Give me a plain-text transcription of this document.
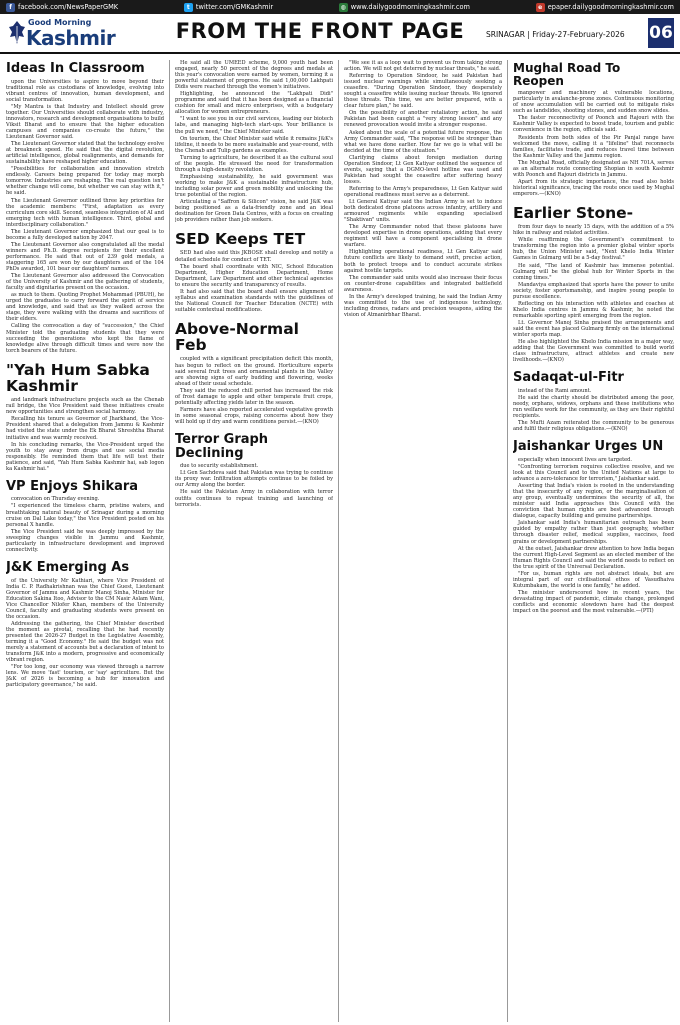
f facebook.com/NewsPaperGMK	t twitter.com/GMKashmir	◍ www.dailygoodmorningkashmir.com	e epaper.dailygoodmorningkashmir.com
Good Morning
Kashmir	FROM THE FRONT PAGE	SRINAGAR | Friday-27-February-2026 06
Ideas In Classroom

upon the Universities to aspire to move beyond their traditional role as custodians of knowledge, evolving into vibrant centres of innovation, human development, and social transformation.

"My Mantra is that Industry and Intellect should grow together. Our Universities should collaborate with industry, innovators, research and development organisations to build Viksit Bharat and to ensure that the higher education campuses and companies co-create the future," the Lieutenant Governor said.

The Lieutenant Governor stated that the technology evolve at breakneck speed. He said that the digital revolution, artificial intelligence, global realignments, and demands for sustainability have reshaped higher education.

"Possibilities for collaboration and innovation stretch endlessly. Careers being prepared for today may morph tomorrow. Industries are reshaping. The real question isn't whether change will come, but whether we can stay with it," he said.

The Lieutenant Governor outlined three key priorities for the academic members: "First, adaptation as every curriculum core skill. Second, seamless integration of AI and emerging tech with human intelligence. Third, global and interdisciplinary collaboration."

The Lieutenant Governor emphasized that our goal is to become a fully developed nation by 2047.

The Lieutenant Governor also congratulated all the medal winners and Ph.D. degree recipients for their excellent performance. He said that out of 239 gold medals, a staggering 165 are won by our daughters and of the 104 PhDs awarded, 101 bear our daughters' names.

The Lieutenant Governor also addressed the Convocation of the University of Kashmir and the gathering of students, faculty and dignitaries present on the occasion.

as much to them. Quoting Prophet Mohammad (PBUH), he urged the graduates to carry forward the spirit of service and knowledge, and said that as they walked across the stage, they were walking with the dreams and sacrifices of their elders.

Calling the convocation a day of "succession," the Chief Minister told the graduating students that they were succeeding the generations who kept the flame of knowledge alive through difficult times and were now the torch bearers of the future.

"Yah Hum Sabka Kashmir

and landmark infrastructure projects such as the Chenab rail bridge, the Vice President said these initiatives create new opportunities and strengthen social harmony.

Recalling his tenure as Governor of Jharkhand, the Vice-President shared that a delegation from Jammu & Kashmir had visited the state under the Ek Bharat Shreshtha Bharat initiative and was warmly received.

In his concluding remarks, the Vice-President urged the youth to stay away from drugs and use social media responsibly. He reminded them that life will test their patience, and said, "Yah Hum Sabka Kashmir hai, sab logon ka Kashmir hai."

VP Enjoys Shikara

convocation on Thursday evening.

"I experienced the timeless charm, pristine waters, and breathtaking natural beauty of Srinagar during a morning cruise on Dal Lake today," the Vice President posted on his personal X handle.

The Vice President said he was deeply impressed by the sweeping changes visible in Jammu and Kashmir, particularly in infrastructure development and improved connectivity.

J&K Emerging As

of the University Mr Kathiari, where Vice President of India C. P. Radhakrishnan was the Chief Guest, Lieutenant Governor of Jammu and Kashmir Manoj Sinha, Minister for Education Sakina Itoo, Advisor to the CM Nasir Aslam Wani, Vice Chancellor Nilofer Khan, members of the University Council, faculty and graduating students were present on the occasion.

Addressing the gathering, the Chief Minister described the moment as pivotal, recalling that he had recently presented the 2026-27 Budget in the Legislative Assembly, terming it a "Good Economy." He said the budget was not merely a statement of accounts but a declaration of intent to transform J&K into a modern, progressive and economically vibrant region.

"For too long, our economy was viewed through a narrow lens. We move 'fast' tourism, or 'say' agriculture. But the J&K of 2026 is becoming a hub for innovation and participatory governance," he said.

He said all the UMEED scheme, 9,000 youth had been engaged, nearly 50 percent of the degrees and medals at this year's convocation were earned by women, terming it a powerful statement of progress. He said 1,00,000 Lakhpati Didis were reached through the women's initiatives.

Highlighting, he announced the "Lakhpati Didi" programme and said that it has been designed as a financial cushion for small and micro enterprises, with a budgetary allocation for women entrepreneurs.

"I want to see you in our civil services, leading our biotech labs, and managing high-tech start-ups. Your brilliance is the pull we need," the Chief Minister said.

On tourism, the Chief Minister said while it remains J&K's lifeline, it needs to be more sustainable and year-round, with the Chenab and Tulip gardens as examples.

Turning to agriculture, he described it as the cultural soul of the people. He stressed the need for transformation through a high-density revolution.

Emphasising sustainability, he said government was working to make J&K a sustainable infrastructure hub, including solar power and green mobility and unlocking the true potential of the region.

Articulating a "Saffron & Silicon" vision, he said J&K was being positioned as a data-friendly zone and an ideal destination for Green Data Centres, with a focus on creating job providers rather than job seekers.

SED Keeps TET

SED had also said this JKBOSE shall develop and notify a detailed schedule for conduct of TET.

The board shall coordinate with NIC, School Education Department, Higher Education Department, Home Department, Law Department and other technical agencies to ensure the security and transparency of results.

It had also said that the board shall ensure alignment of syllabus and examination standards with the guidelines of the National Council for Teacher Education (NCTE) with suitable contextual modifications.

Above-Normal Feb

coupled with a significant precipitation deficit this month, has begun to reflect on the ground. Horticulture experts said several fruit trees and ornamental plants in the Valley are showing signs of early budding and flowering, weeks ahead of their usual schedule.

They said the reduced chill period has increased the risk of frost damage to apple and other temperate fruit crops, potentially affecting yields later in the season.

Farmers have also reported accelerated vegetative growth in some seasonal crops, raising concerns about how they will hold up if dry and warm conditions persist.—(KNO)

Terror Graph Declining

due to security establishment.

Lt Gen Sachdeva said that Pakistan was trying to continue its proxy war. Infiltration attempts continue to be foiled by our Army along the border.

He said the Pakistan Army in collaboration with terror outfits continues to repeat training and launching of terrorists.

"We see it as a loop wait to prevent us from taking strong action. We will not get deterred by nuclear threats," he said.

Referring to Operation Sindoor, he said Pakistan had issued nuclear warnings while simultaneously seeking a ceasefire. "During Operation Sindoor, they desperately sought a ceasefire while issuing nuclear threats. We ignored those threats. This time, we are better prepared, with a clear future plan," he said.

On the possibility of another retaliatory action, he said Pakistan had been caught a "very strong lesson" and any renewed provocation would invite a stronger response.

Asked about the scale of a potential future response, the Army Commander said, "The response will be stronger than what we have done earlier. How far we go is what will be decided at the time of the situation."

Clarifying claims about foreign mediation during Operation Sindoor, Lt Gen Katiyar outlined the sequence of events, saying that a DGMO-level hotline was used and Pakistan had sought the ceasefire after suffering heavy losses.

Referring to the Army's preparedness, Lt Gen Katiyar said operational readiness must serve as a deterrent.

Lt General Katiyar said the Indian Army is set to induce both dedicated drone platoons across infantry, artillery and armoured regiments while expanding specialised "Shaktivan" units.

The Army Commander noted that these platoons have developed expertise in drone operations, adding that every regiment will have a component specialising in drone warfare.

Highlighting operational readiness, Lt Gen Katiyar said future conflicts are likely to demand swift, precise action, both to protect troops and to conduct accurate strikes against hostile targets.

The commander said units would also increase their focus on counter-drone capabilities and integrated battlefield awareness.

In the Army's developed training, he said the Indian Army was committed to the use of indigenous technology, including drones, radars and precision weapons, aiding the vision of Atmanirbhar Bharat.

Mughal Road To Reopen

manpower and machinery at vulnerable locations, particularly in avalanche-prone zones. Continuous monitoring of snow accumulation will be carried out to mitigate risks such as landslides, shooting stones, and sudden snow slides.

The faster reconnectivity of Poonch and Rajouri with the Kashmir Valley is expected to boost trade, tourism and public convenience in the region, officials said.

Residents from both sides of the Pir Panjal range have welcomed the move, calling it a "lifeline" that reconnects families, facilitates trade, and reduces travel time between the Kashmir Valley and the Jammu region.

The Mughal Road, officially designated as NH 701A, serves as an alternate route connecting Shopian in south Kashmir with Poonch and Rajouri districts in Jammu.

Apart from its strategic importance, the road also holds historical significance, tracing the route once used by Mughal emperors.—(KNO)

Earlier Stone-

from four days to nearly 15 days, with the addition of a 5% hike in railway and related activities.

While reaffirming the Government's commitment to transforming the region into a premier global winter sports hub, the Union Minister said, "Next Khelo India Winter Games in Gulmarg will be a 5-day festival."

He said, "The land of Kashmir has immense potential. Gulmarg will be the global hub for Winter Sports in the coming times."

Mandaviya emphasized that sports have the power to unite society, foster sportsmanship, and inspire young people to pursue excellence.

Reflecting on his interaction with athletes and coaches at Khelo India centres in Jammu & Kashmir, he noted the remarkable sporting spirit emerging from the region.

Lt. Governor Manoj Sinha praised the arrangements and said the event has placed Gulmarg firmly on the international winter sports map.

He also highlighted the Khelo India mission in a major way, adding that the Government was committed to build world class infrastructure, attract athletes and create new livelihoods.—(KNO)

Sadaqat-ul-Fitr

instead of the Rami amount.

He said the charity should be distributed among the poor, needy, orphans, widows, orphans and these institutions who run welfare work for the community, as they are their rightful recipients.

The Mufti Azam reiterated the community to be generous and fulfil their religious obligations.—(KNO)

Jaishankar Urges UN

especially when innocent lives are targeted.

"Confronting terrorism requires collective resolve, and we look at this Council and to the United Nations at large to advance a zero-tolerance for terrorism," Jaishankar said.

Asserting that India's vision is rooted in the understanding that the insecurity of any region, or the marginalisation of any group, eventually undermines the security of all, the minister said India approaches this Council with the conviction that human rights are best advanced through dialogue, capacity building and genuine partnerships.

Jaishankar said India's humanitarian outreach has been guided by empathy rather than just geography, whether through disaster relief, medical supplies, vaccines, food grains or development partnerships.

At the outset, Jaishankar drew attention to how India began the current High-Level Segment as an elected member of the Human Rights Council and said the world needs to reflect on the true spirit of the Universal Declaration.

"For us, human rights are not abstract ideals, but are integral part of our civilisational ethos of Vasudhaiva Kutumbakam, the world is one family," he added.

The minister underscored how in recent years, the devastating impact of pandemic, climate change, prolonged conflicts and economic slowdown have had the deepest impact on the poorest and the most vulnerable.—(PTI)
